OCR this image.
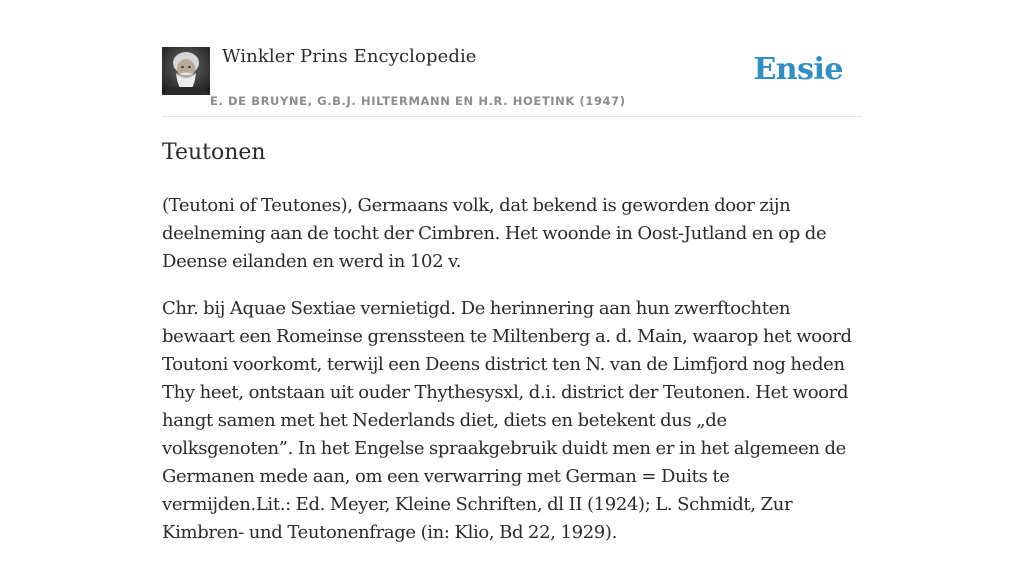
Winkler Prins Encyclopedie
E. DE BRUYNE, G.B.J. HILTERMANN EN H.R. HOETINK (1947)
Ensie
Teutonen

(Teutoni of Teutones), Germaans volk, dat bekend is geworden door zijn deelneming aan de tocht der Cimbren. Het woonde in Oost-Jutland en op de Deense eilanden en werd in 102 v.

Chr. bij Aquae Sextiae vernietigd. De herinnering aan hun zwerftochten bewaart een Romeinse grenssteen te Miltenberg a. d. Main, waarop het woord Toutoni voorkomt, terwijl een Deens district ten N. van de Limfjord nog heden Thy heet, ontstaan uit ouder Thythesysxl, d.i. district der Teutonen. Het woord hangt samen met het Nederlands diet, diets en betekent dus „de volksgenoten”. In het Engelse spraakgebruik duidt men er in het algemeen de Germanen mede aan, om een verwarring met German = Duits te vermijden.Lit.: Ed. Meyer, Kleine Schriften, dl II (1924); L. Schmidt, Zur Kimbren- und Teutonenfrage (in: Klio, Bd 22, 1929).
